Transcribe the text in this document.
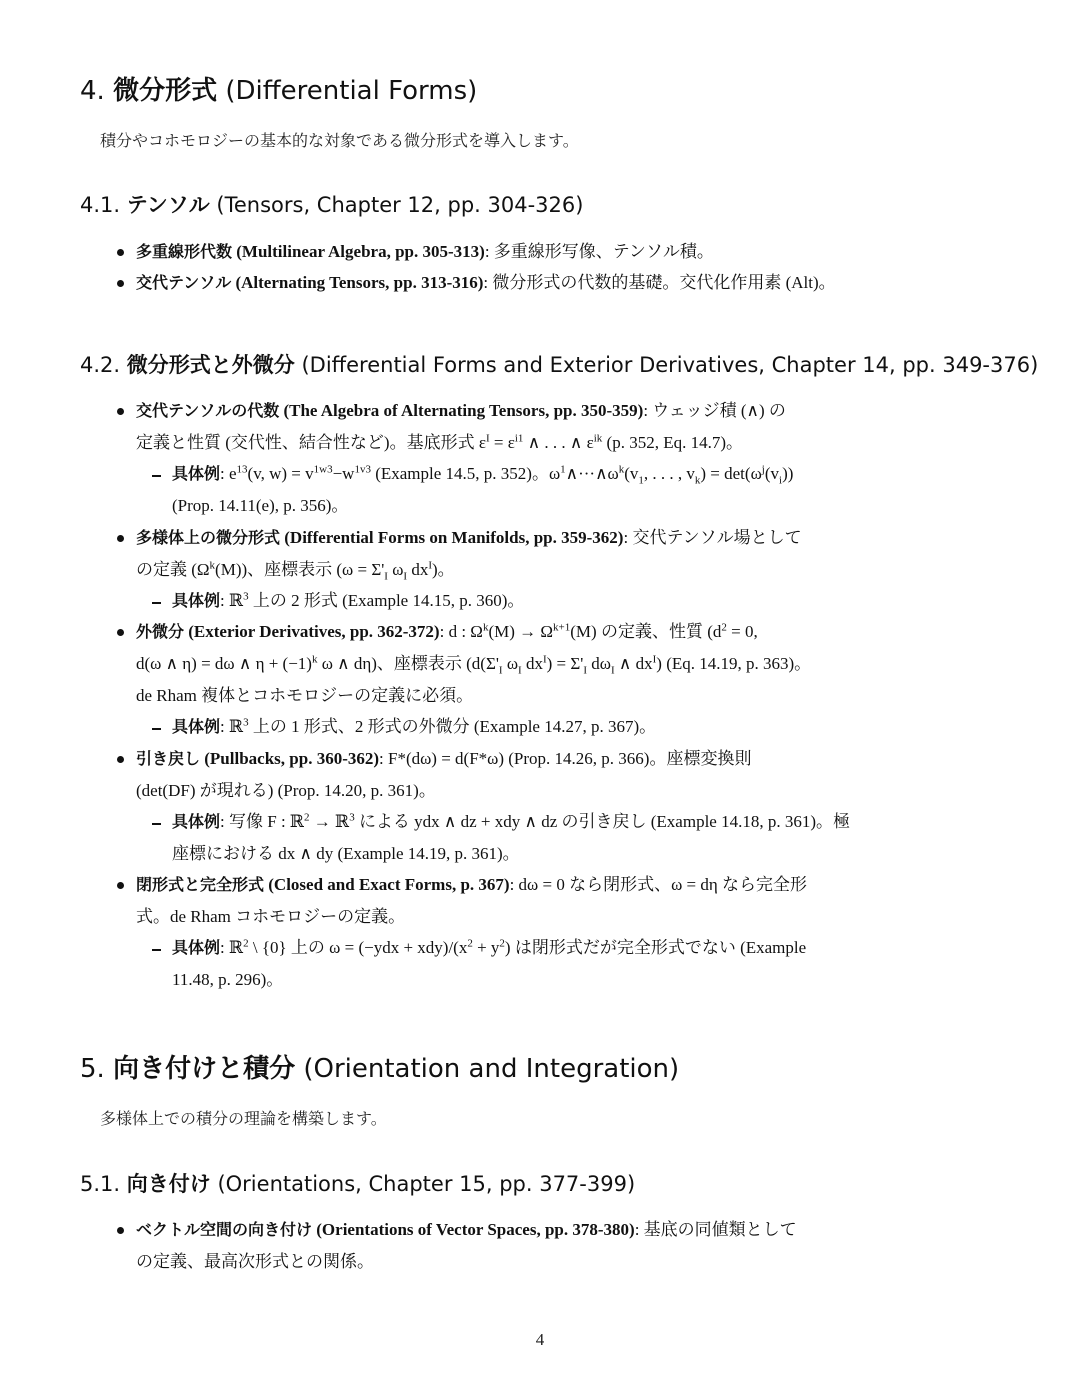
4. 微分形式 (Differential Forms)
積分やコホモロジーの基本的な対象である微分形式を導入します。
4.1. テンソル (Tensors, Chapter 12, pp. 304-326)
多重線形代数 (Multilinear Algebra, pp. 305-313): 多重線形写像、テンソル積。
交代テンソル (Alternating Tensors, pp. 313-316): 微分形式の代数的基礎。交代化作用素 (Alt)。
4.2. 微分形式と外微分 (Differential Forms and Exterior Derivatives, Chapter 14, pp. 349-376)
交代テンソルの代数 (The Algebra of Alternating Tensors, pp. 350-359): ウェッジ積 (∧) の
定義と性質 (交代性、結合性など)。基底形式 $\varepsilon^I = \varepsilon^{i1}$ ∧ . . . ∧ $\varepsilon^{ik}$ (p. 352, Eq. 14.7)。
具体例: $e^{13}(v$, $w) = v^{1w3}-w^{1v3}$ (Example 14.5, p. 352)。$\omega^1\wedge\cdot\cdot\cdot\wedge\omega^k(v_1$, . . . , $v_k) = \det(\omega^j(v_i))$
(Prop. 14.11(e), p. 356)。
多様体上の微分形式 (Differential Forms on Manifolds, pp. 359-362): 交代テンソル場として
の定義 $(\Omega^k(M))$、座標表示 ($\omega = \Sigma'_I$ $\omega_I$ $dx^I$)。
具体例: ℝ$^3$ 上の 2 形式 (Example 14.15, p. 360)。
外微分 (Exterior Derivatives, pp. 362-372): d : $\Omega^k(M) \to \Omega^{k+1}(M)$ の定義、性質 ($d^2 = 0$,
d(ω ∧ η) = dω ∧ $\eta + (-1)^k$ ω ∧ dη)、座標表示 ($d(\Sigma'_I$ $\omega_I$ $dx^I) = \Sigma'_I$ $d\omega_I$ ∧ $dx^I$) (Eq. 14.19, p. 363)。
de Rham 複体とコホモロジーの定義に必須。
具体例: ℝ$^3$ 上の 1 形式、2 形式の外微分 (Example 14.27, p. 367)。
引き戻し (Pullbacks, pp. 360-362): F*(dω) = d(F*ω) (Prop. 14.26, p. 366)。座標変換則
(det(DF) が現れる) (Prop. 14.20, p. 361)。
具体例: 写像 F : ℝ$^2$ → ℝ$^3$ による ydx ∧ dz + xdy ∧ dz の引き戻し (Example 14.18, p. 361)。極
座標における dx ∧ dy (Example 14.19, p. 361)。
閉形式と完全形式 (Closed and Exact Forms, p. 367): dω = 0 なら閉形式、ω = dη なら完全形
式。de Rham コホモロジーの定義。
具体例: ℝ$^2$ \ {0} 上の $\omega = (-ydx + xdy)/(x^2 + y^2)$ は閉形式だが完全形式でない (Example
11.48, p. 296)。
5. 向き付けと積分 (Orientation and Integration)
多様体上での積分の理論を構築します。
5.1. 向き付け (Orientations, Chapter 15, pp. 377-399)
ベクトル空間の向き付け (Orientations of Vector Spaces, pp. 378-380): 基底の同値類として
の定義、最高次形式との関係。
4
